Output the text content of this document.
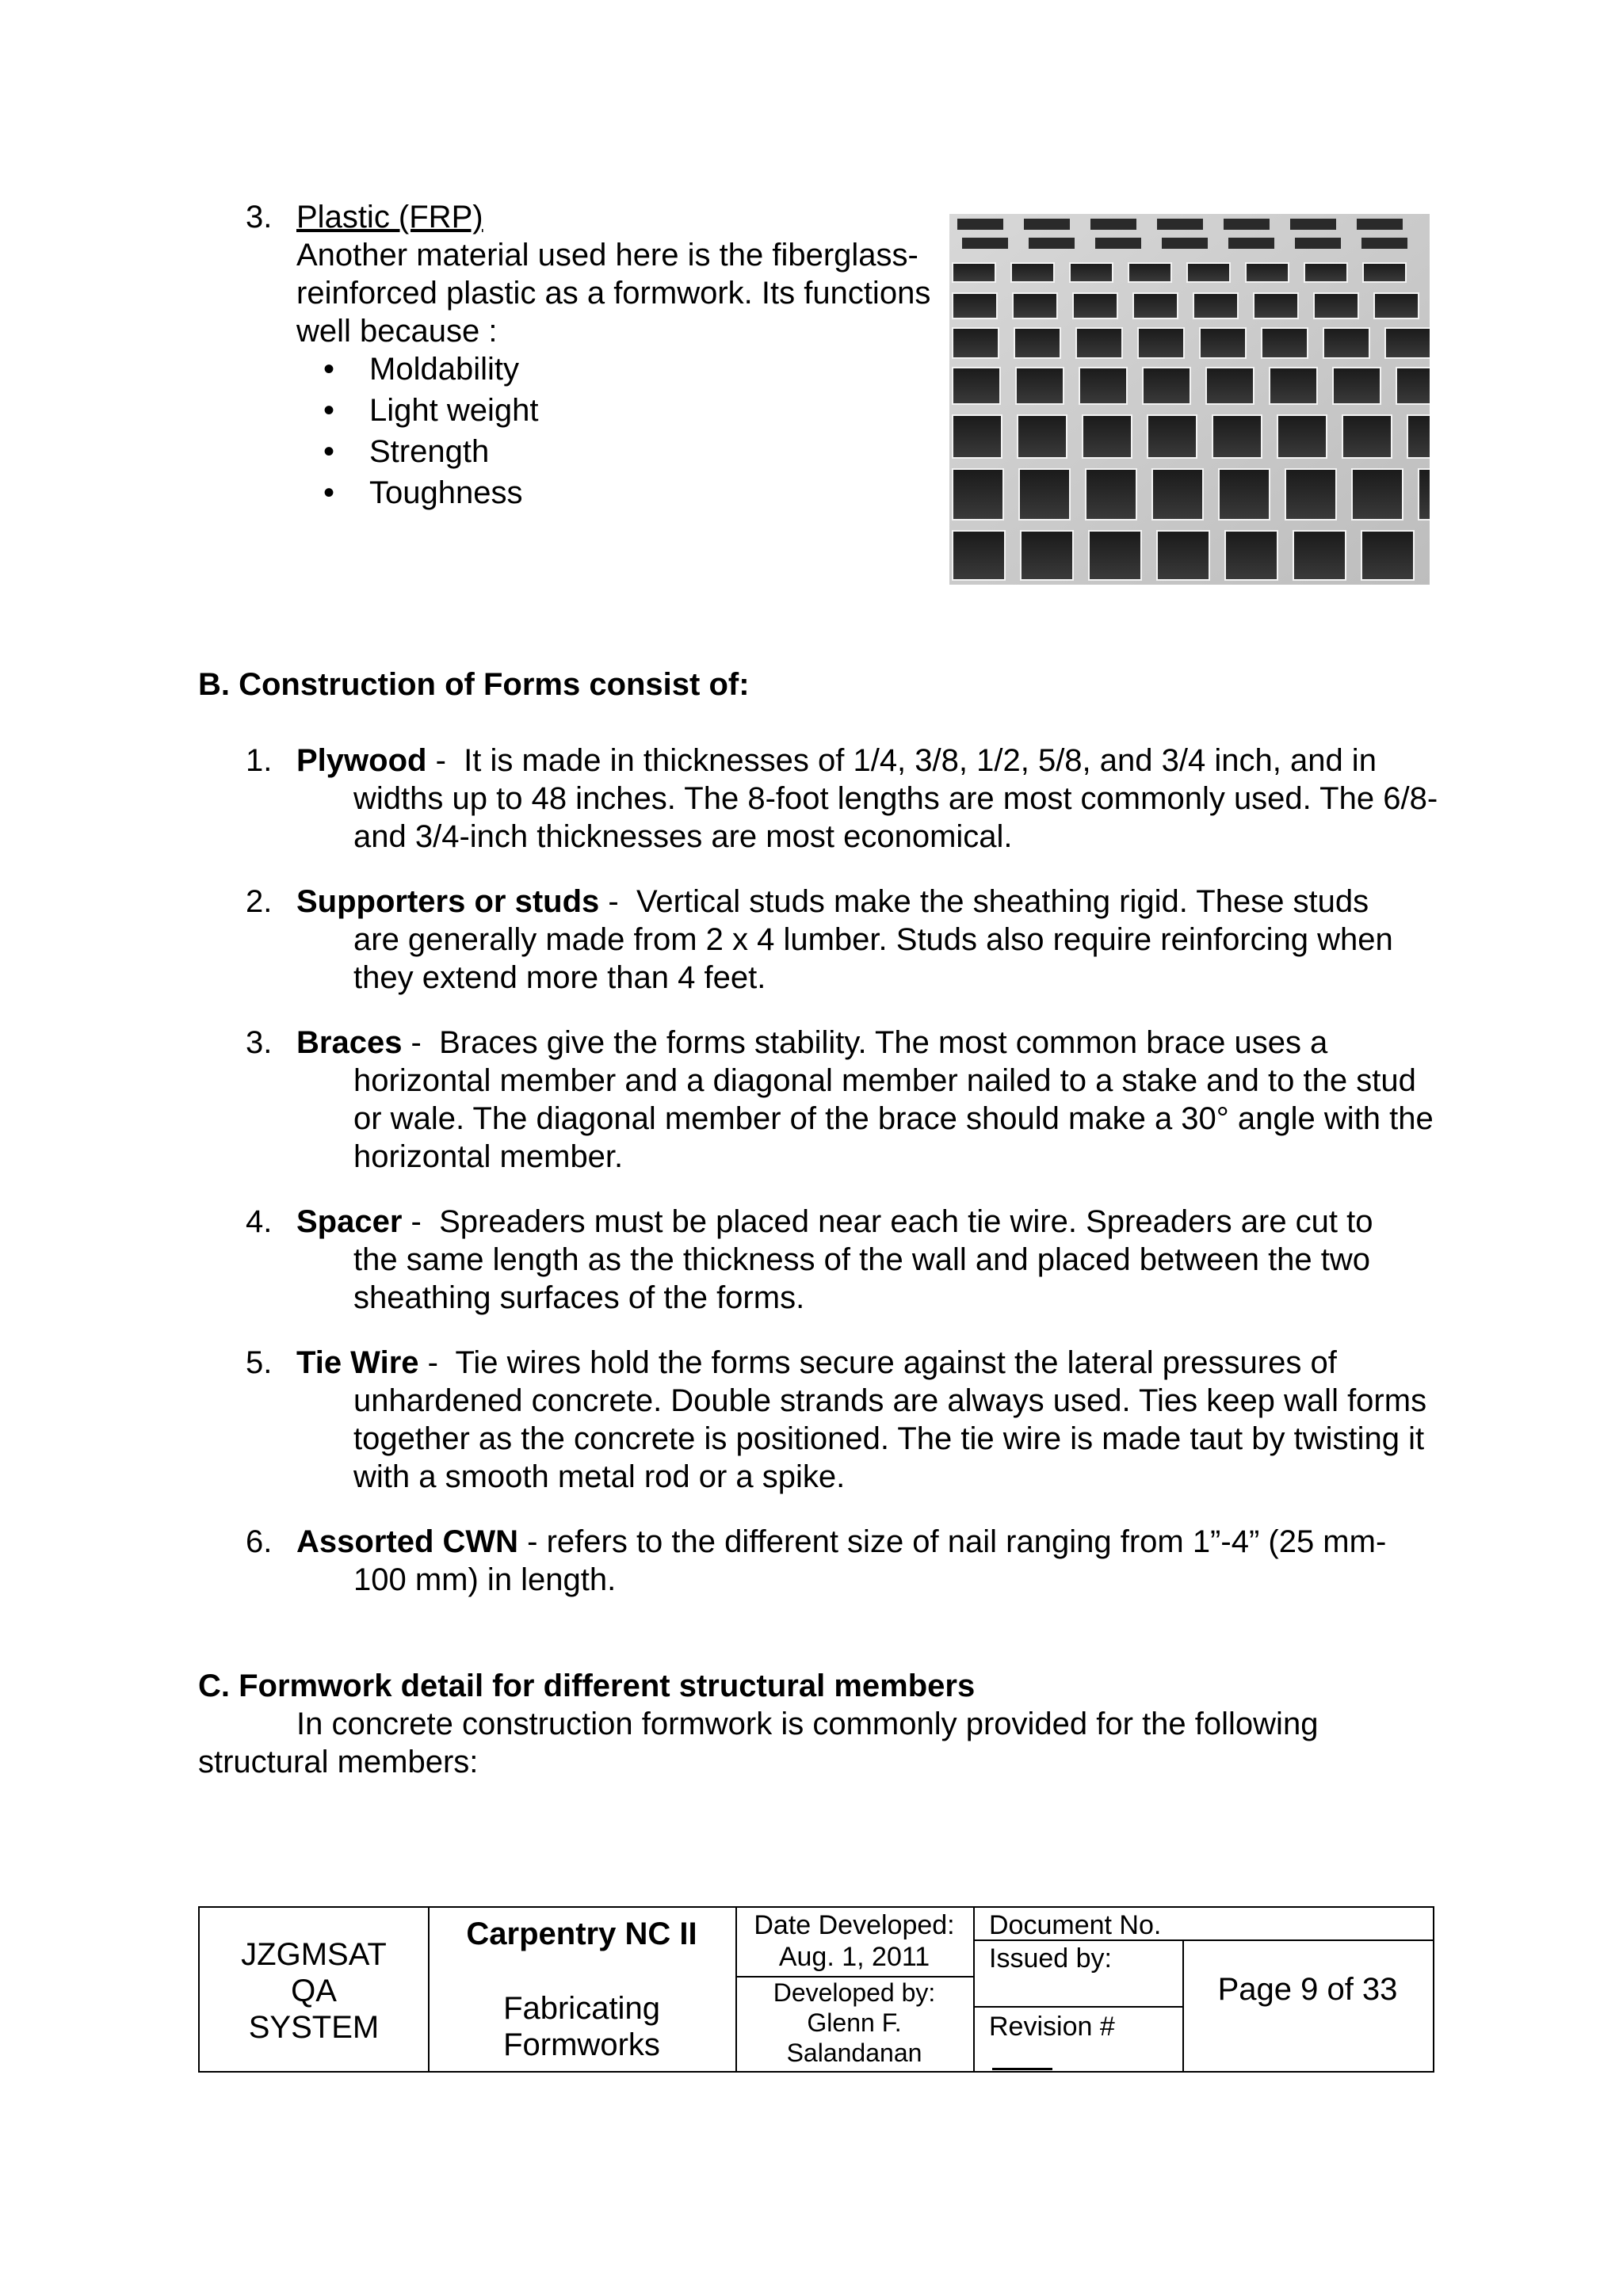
3. Plastic (FRP)
Another material used here is the fiberglass-reinforced plastic as a formwork. Its functions well because :
• Moldability
• Light weight
• Strength
• Toughness
B. Construction of Forms consist of:
1. Plywood -  It is made in thicknesses of 1/4, 3/8, 1/2, 5/8, and 3/4 inch, and in
widths up to 48 inches. The 8-foot lengths are most commonly used. The 6/8- and 3/4-inch thicknesses are most economical.
2. Supporters or studs -  Vertical studs make the sheathing rigid. These studs
are generally made from 2 x 4 lumber. Studs also require reinforcing when they extend more than 4 feet.
3. Braces -  Braces give the forms stability. The most common brace uses a
horizontal member and a diagonal member nailed to a stake and to the stud or wale. The diagonal member of the brace should make a 30° angle with the horizontal member.
4. Spacer -  Spreaders must be placed near each tie wire. Spreaders are cut to
the same length as the thickness of the wall and placed between the two sheathing surfaces of the forms.
5. Tie Wire -  Tie wires hold the forms secure against the lateral pressures of
unhardened concrete. Double strands are always used. Ties keep wall forms together as the concrete is positioned. The tie wire is made taut by twisting it with a smooth metal rod or a spike.
6. Assorted CWN - refers to the different size of nail ranging from 1”-4” (25 mm-
100 mm) in length.
C. Formwork detail for different structural members
In concrete construction formwork is commonly provided for the following structural members:
JZGMSAT
QA
SYSTEM
Carpentry NC II
Fabricating
Formworks
Date Developed:
Aug. 1, 2011
Developed by:
Glenn F.
Salandanan
Document No.
Issued by:
Revision #
Page 9 of 33
